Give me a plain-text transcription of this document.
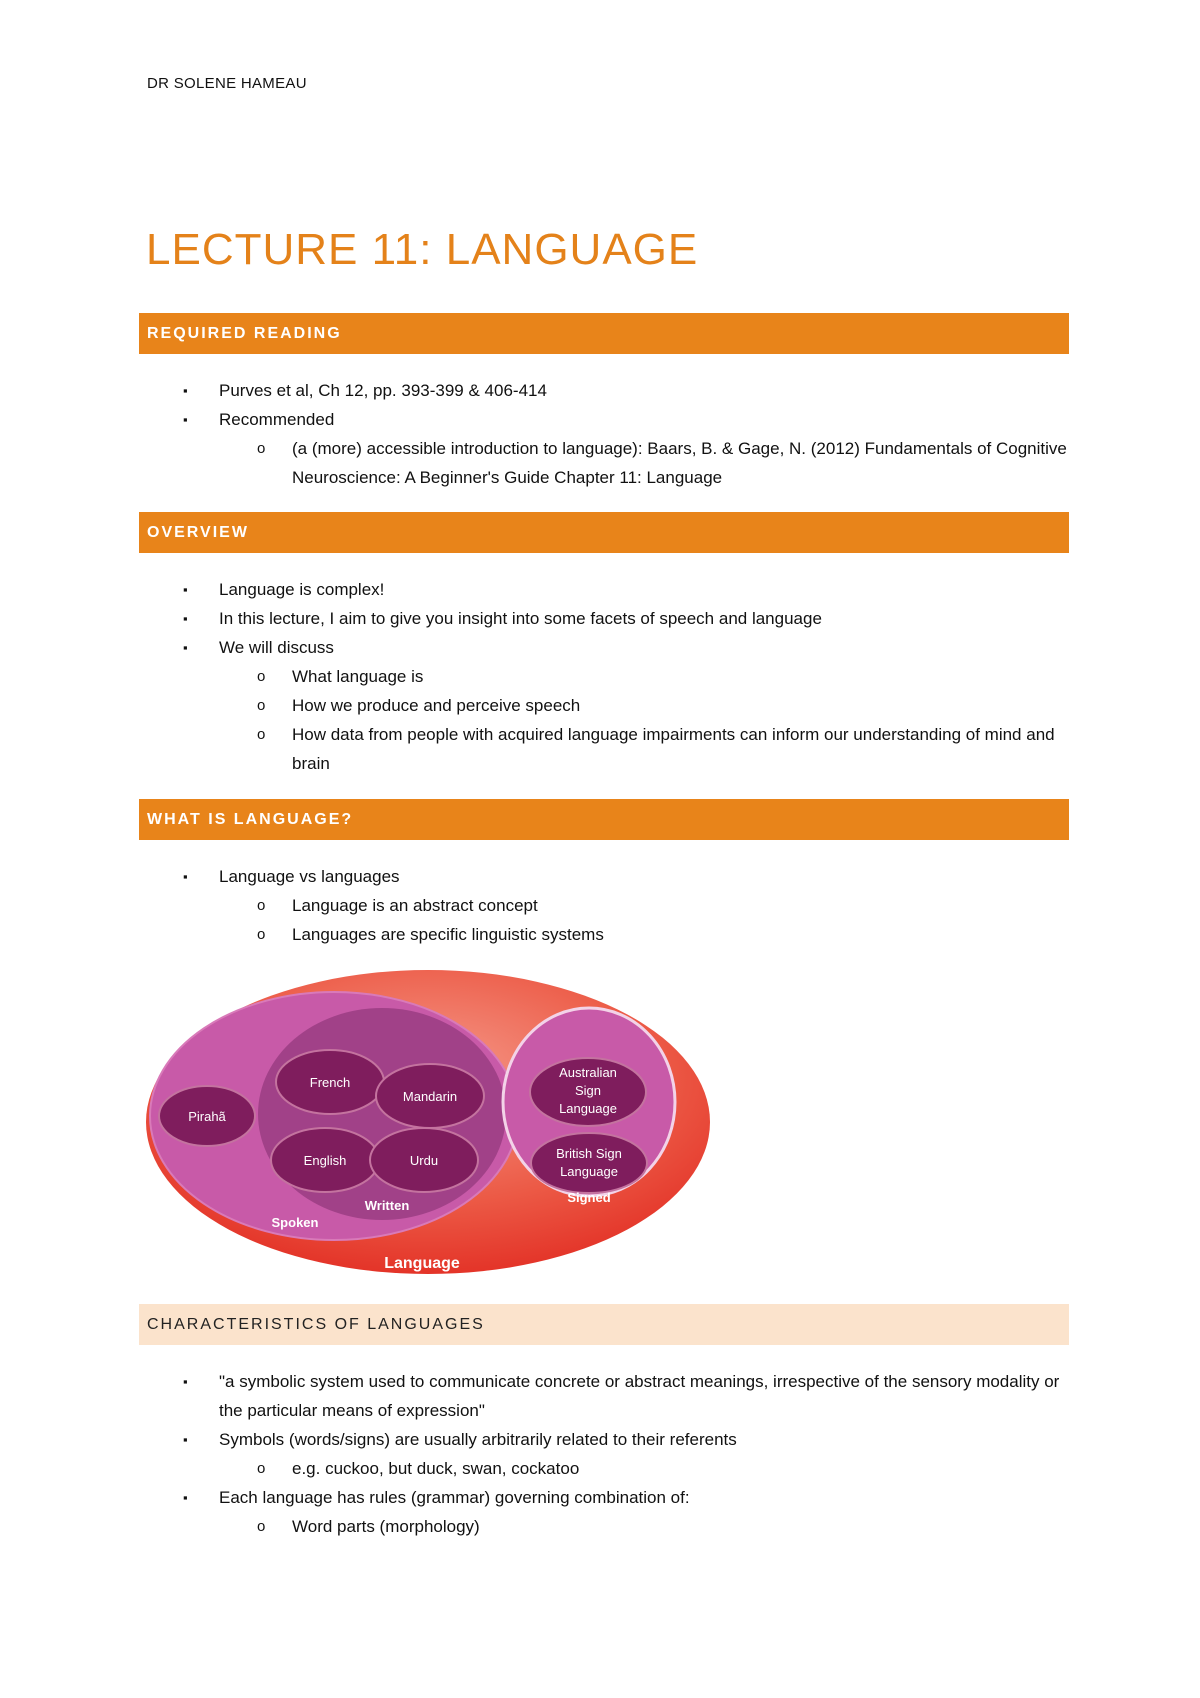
DR SOLENE HAMEAU
LECTURE 11: LANGUAGE
REQUIRED READING
▪ Purves et al, Ch 12, pp. 393-399 & 406-414
▪ Recommended
o (a (more) accessible introduction to language): Baars, B. & Gage, N. (2012) Fundamentals of Cognitive Neuroscience: A Beginner's Guide Chapter 11: Language
OVERVIEW
▪ Language is complex!
▪ In this lecture, I aim to give you insight into some facets of speech and language
▪ We will discuss
o What language is
o How we produce and perceive speech
o How data from people with acquired language impairments can inform our understanding of mind and brain
WHAT IS LANGUAGE?
▪ Language vs languages
o Language is an abstract concept
o Languages are specific linguistic systems
Pirahã
French
Mandarin
English	Urdu
Australian
Sign
Language
British Sign
Language
Written
Spoken
Signed
Language
CHARACTERISTICS OF LANGUAGES
▪ "a symbolic system used to communicate concrete or abstract meanings, irrespective of the sensory modality or the particular means of expression"
▪ Symbols (words/signs) are usually arbitrarily related to their referents
o e.g. cuckoo, but duck, swan, cockatoo
▪ Each language has rules (grammar) governing combination of:
o Word parts (morphology)
